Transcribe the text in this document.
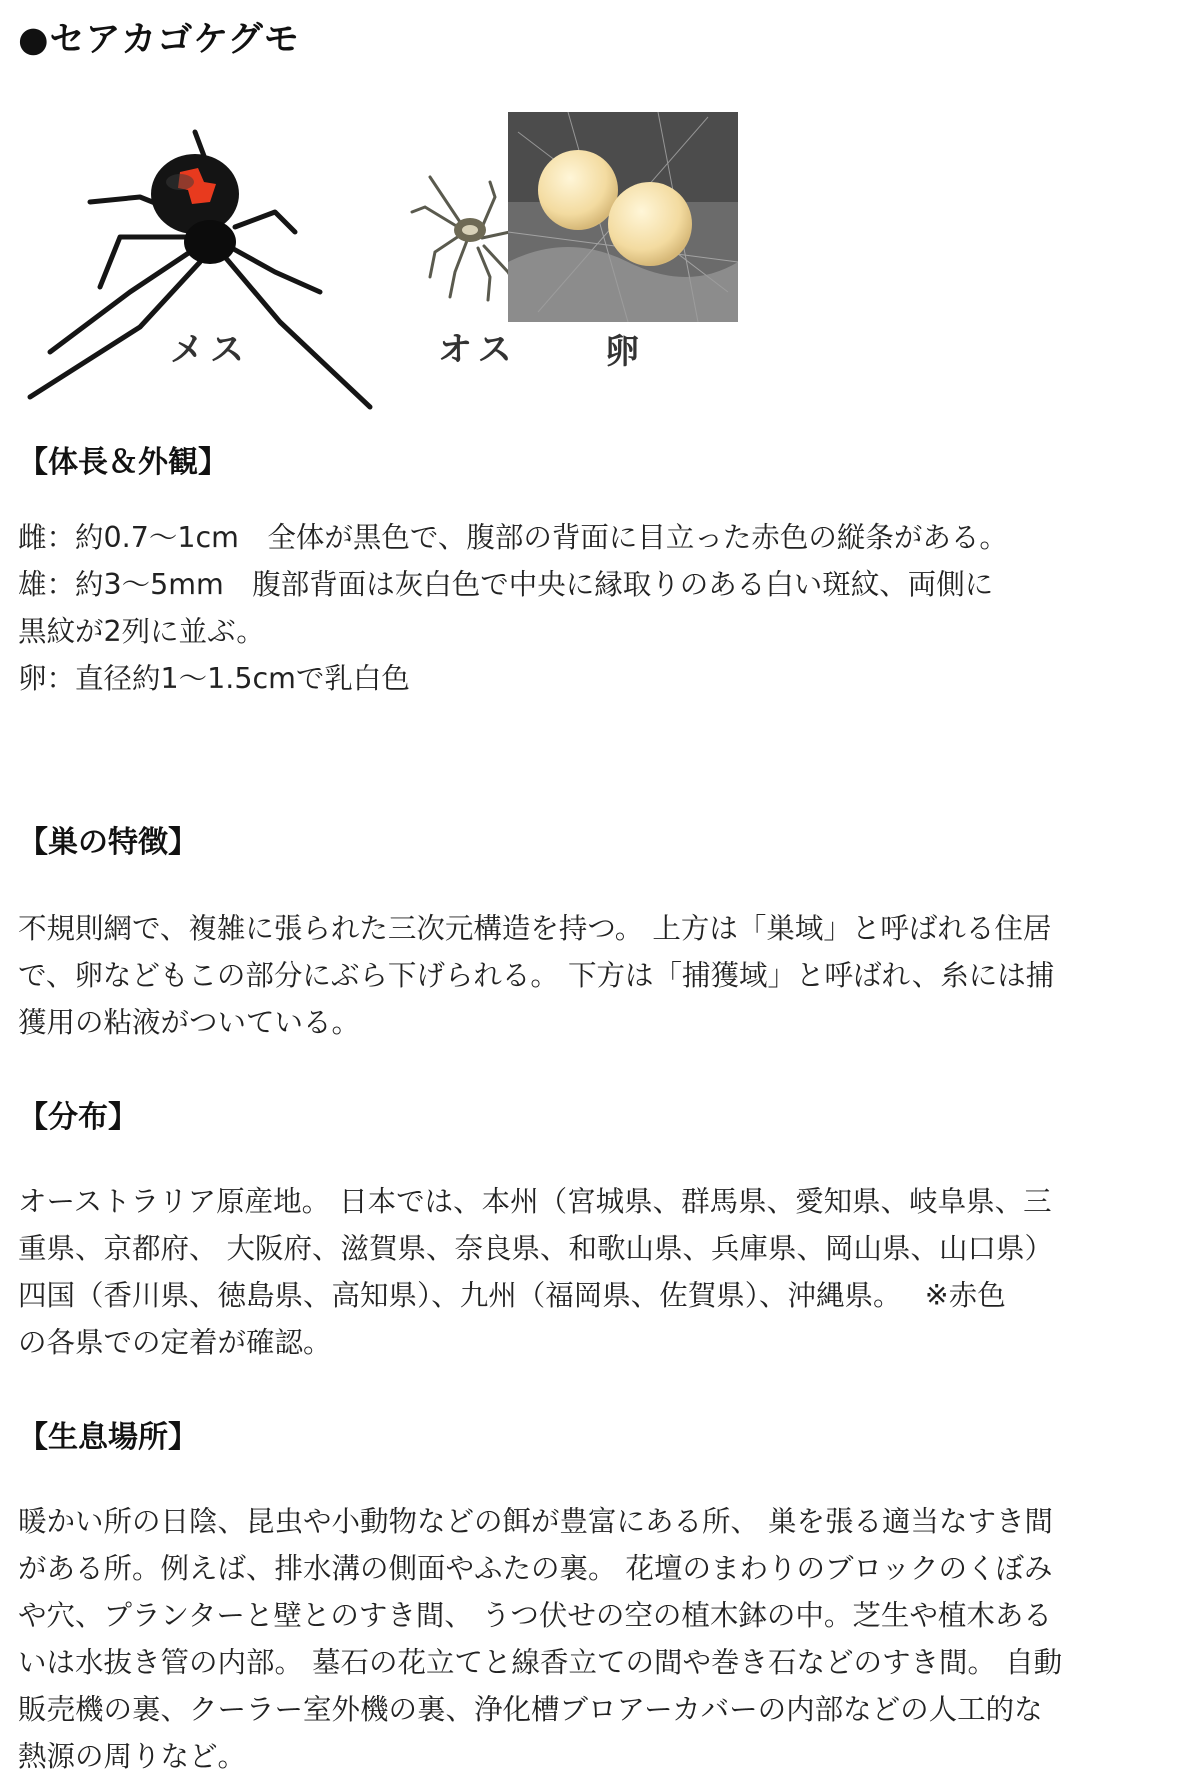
●セアカゴケグモ
メス	オス	卵
【体長＆外観】

雌：約0.7〜1cm　全体が黒色で、腹部の背面に目立った赤色の縦条がある。

雄：約3〜5mm　腹部背面は灰白色で中央に縁取りのある白い斑紋、両側に

黒紋が2列に並ぶ。

卵：直径約1〜1.5cmで乳白色

【巣の特徴】

不規則網で、複雑に張られた三次元構造を持つ。 上方は「巣域」と呼ばれる住居

で、卵などもこの部分にぶら下げられる。 下方は「捕獲域」と呼ばれ、糸には捕

獲用の粘液がついている。

【分布】

オーストラリア原産地。 日本では、本州（宮城県、群馬県、愛知県、岐阜県、三

重県、京都府、 大阪府、滋賀県、奈良県、和歌山県、兵庫県、岡山県、山口県）

四国（香川県、徳島県、高知県）、九州（福岡県、佐賀県）、沖縄県。　 ※赤色

の各県での定着が確認。

【生息場所】

暖かい所の日陰、昆虫や小動物などの餌が豊富にある所、 巣を張る適当なすき間

がある所。例えば、排水溝の側面やふたの裏。 花壇のまわりのブロックのくぼみ

や穴、プランターと壁とのすき間、 うつ伏せの空の植木鉢の中。芝生や植木ある

いは水抜き管の内部。 墓石の花立てと線香立ての間や巻き石などのすき間。 自動

販売機の裏、クーラー室外機の裏、浄化槽ブロアーカバーの内部などの人工的な

熱源の周りなど。
